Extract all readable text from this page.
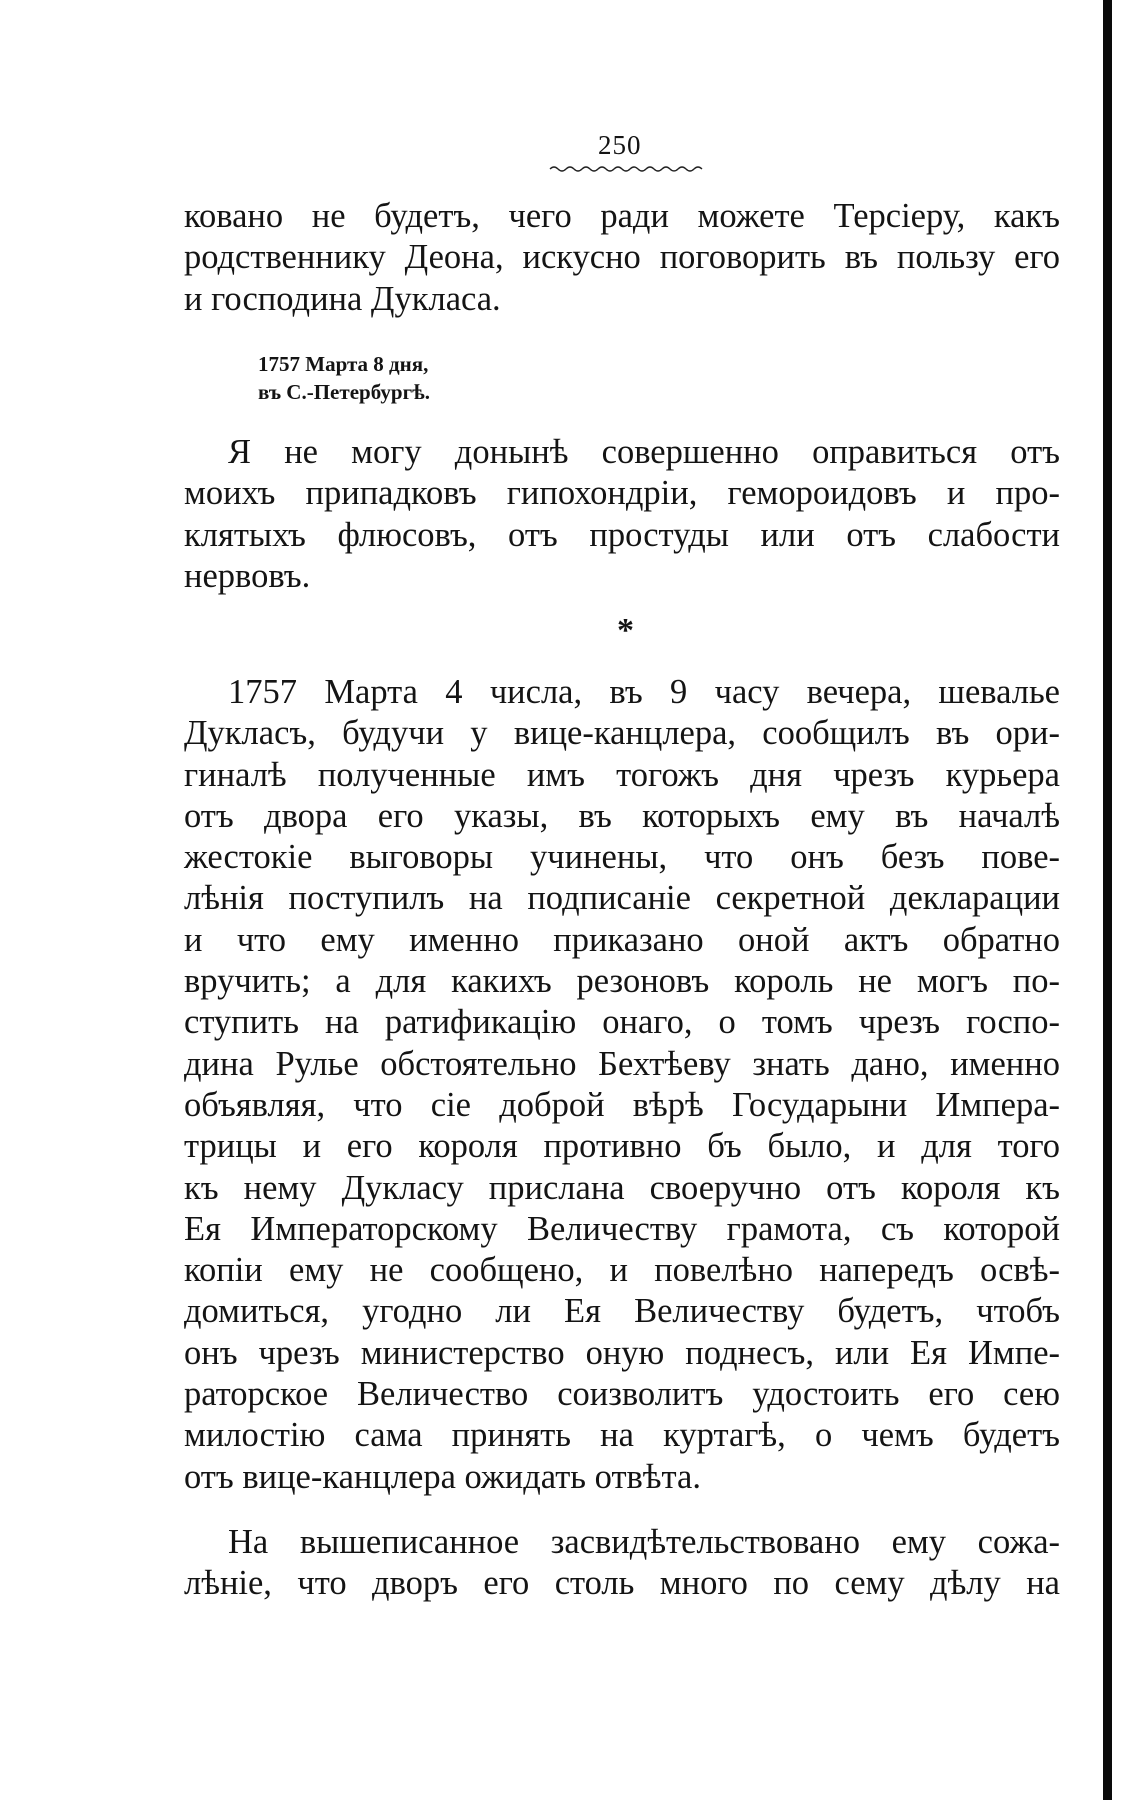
250
ковано не будетъ, чего ради можете Терсіеру, какъ
родственнику Деона, искусно поговорить въ пользу его
и господина Дукласа.
1757 Марта 8 дня,
въ С.-Петербургѣ.
Я не могу донынѣ совершенно оправиться отъ
моихъ припадковъ гипохондріи, гемороидовъ и про-
клятыхъ флюсовъ, отъ простуды или отъ слабости
нервовъ.
*
1757 Марта 4 числа, въ 9 часу вечера, шевалье
Дукласъ, будучи у вице-канцлера, сообщилъ въ ори-
гиналѣ полученные имъ тогожъ дня чрезъ курьера
отъ двора его указы, въ которыхъ ему въ началѣ
жестокіе выговоры учинены, что онъ безъ пове-
лѣнія поступилъ на подписаніе секретной декларации
и что ему именно приказано оной актъ обратно
вручить; а для какихъ резоновъ король не могъ по-
ступить на ратификацію онаго, о томъ чрезъ госпо-
дина Рулье обстоятельно Бехтѣеву знать дано, именно
объявляя, что сіе доброй вѣрѣ Государыни Импера-
трицы и его короля противно бъ было, и для того
къ нему Дукласу прислана своеручно отъ короля къ
Ея Императорскому Величеству грамота, съ которой
копіи ему не сообщено, и повелѣно напередъ освѣ-
домиться, угодно ли Ея Величеству будетъ, чтобъ
онъ чрезъ министерство оную поднесъ, или Ея Импе-
раторское Величество соизволитъ удостоить его сею
милостію сама принять на куртагѣ, о чемъ будетъ
отъ вице-канцлера ожидать отвѣта.
На вышеписанное засвидѣтельствовано ему сожа-
лѣніе, что дворъ его столь много по сему дѣлу на
